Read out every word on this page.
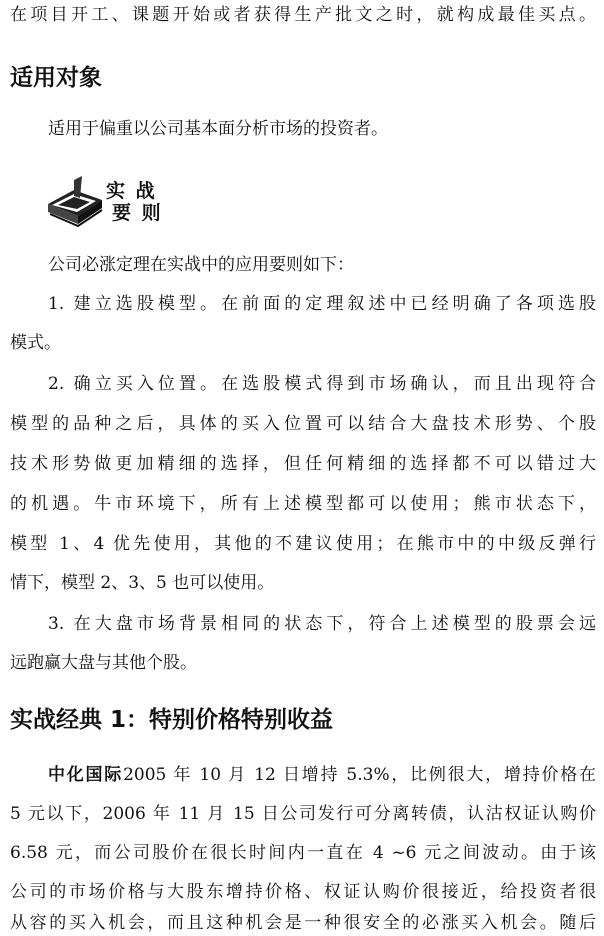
在项目开工、课题开始或者获得生产批文之时，就构成最佳买点。
适用对象
适用于偏重以公司基本面分析市场的投资者。
实 战
要 则
公司必涨定理在实战中的应用要则如下：
1. 建立选股模型。在前面的定理叙述中已经明确了各项选股
模式。
2. 确立买入位置。在选股模式得到市场确认，而且出现符合
模型的品种之后，具体的买入位置可以结合大盘技术形势、个股
技术形势做更加精细的选择，但任何精细的选择都不可以错过大
的机遇。牛市环境下，所有上述模型都可以使用；熊市状态下，
模型 1、4 优先使用，其他的不建议使用；在熊市中的中级反弹行
情下，模型 2、3、5 也可以使用。
3. 在大盘市场背景相同的状态下，符合上述模型的股票会远
远跑赢大盘与其他个股。
实战经典 1：特别价格特别收益
中化国际2005 年 10 月 12 日增持 5.3%，比例很大，增持价格在
5 元以下，2006 年 11 月 15 日公司发行可分离转债，认沽权证认购价
6.58 元，而公司股价在很长时间内一直在 4 ~6 元之间波动。由于该
公司的市场价格与大股东增持价格、权证认购价很接近，给投资者很
从容的买入机会，而且这种机会是一种很安全的必涨买入机会。随后
